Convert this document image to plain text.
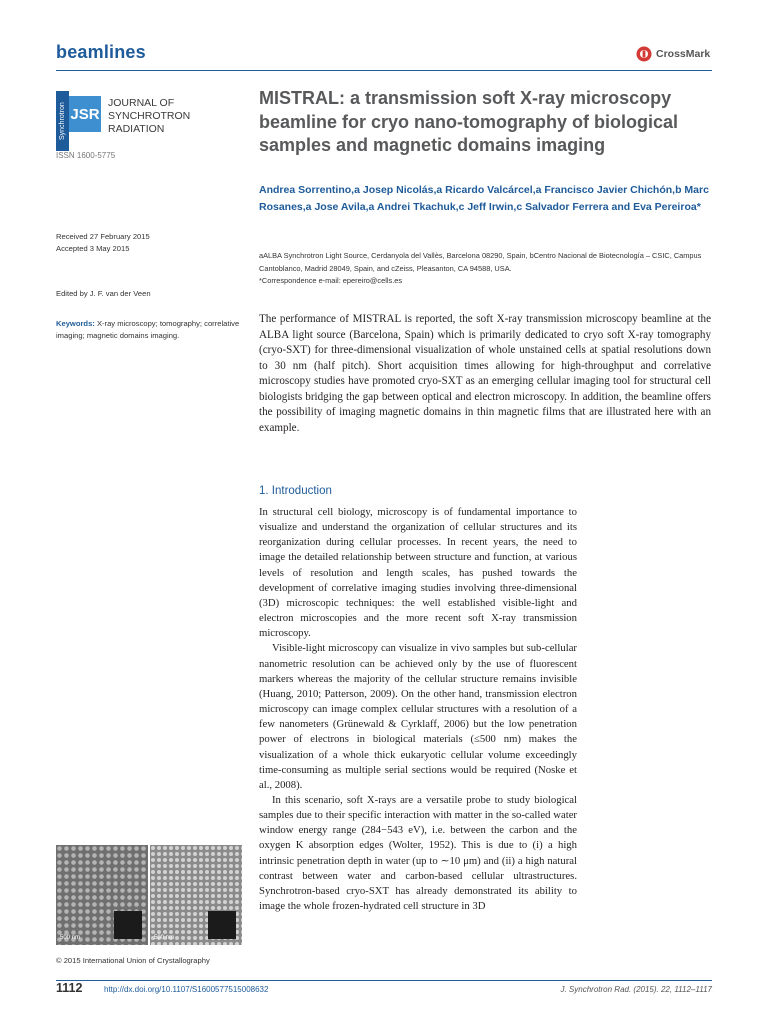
beamlines	CrossMark
Synchrotron JSR
JOURNAL OF
SYNCHROTRON
RADIATION
ISSN 1600-5775
MISTRAL: a transmission soft X-ray microscopy beamline for cryo nano-tomography of biological samples and magnetic domains imaging
Andrea Sorrentino,a Josep Nicolás,a Ricardo Valcárcel,a Francisco Javier Chichón,b Marc Rosanes,a Jose Avila,a Andrei Tkachuk,c Jeff Irwin,c Salvador Ferrera and Eva Pereiroa*
aALBA Synchrotron Light Source, Cerdanyola del Vallès, Barcelona 08290, Spain, bCentro Nacional de Biotecnología – CSIC, Campus Cantoblanco, Madrid 28049, Spain, and cZeiss, Pleasanton, CA 94588, USA.
*Correspondence e-mail: epereiro@cells.es
Received 27 February 2015
Accepted 3 May 2015
Edited by J. F. van der Veen
Keywords: X-ray microscopy; tomography; correlative imaging; magnetic domains imaging.
The performance of MISTRAL is reported, the soft X-ray transmission microscopy beamline at the ALBA light source (Barcelona, Spain) which is primarily dedicated to cryo soft X-ray tomography (cryo-SXT) for three-dimensional visualization of whole unstained cells at spatial resolutions down to 30 nm (half pitch). Short acquisition times allowing for high-throughput and correlative microscopy studies have promoted cryo-SXT as an emerging cellular imaging tool for structural cell biologists bridging the gap between optical and electron microscopy. In addition, the beamline offers the possibility of imaging magnetic domains in thin magnetic films that are illustrated here with an example.
1. Introduction

In structural cell biology, microscopy is of fundamental importance to visualize and understand the organization of cellular structures and its reorganization during cellular processes. In recent years, the need to image the detailed relationship between structure and function, at various levels of resolution and length scales, has pushed towards the development of correlative imaging studies involving three-dimensional (3D) microscopic techniques: the well established visible-light and electron microscopies and the more recent soft X-ray transmission microscopy.

Visible-light microscopy can visualize in vivo samples but sub-cellular nanometric resolution can be achieved only by the use of fluorescent markers whereas the majority of the cellular structure remains invisible (Huang, 2010; Patterson, 2009). On the other hand, transmission electron microscopy can image complex cellular structures with a resolution of a few nanometers (Grünewald & Cyrklaff, 2006) but the low penetration power of electrons in biological materials (≤500 nm) makes the visualization of a whole thick eukaryotic cellular volume exceedingly time-consuming as multiple serial sections would be required (Noske et al., 2008).

In this scenario, soft X-rays are a versatile probe to study biological samples due to their specific interaction with matter in the so-called water window energy range (284−543 eV), i.e. between the carbon and the oxygen K absorption edges (Wolter, 1952). This is due to (i) a high intrinsic penetration depth in water (up to ∼10 μm) and (ii) a high natural contrast between water and carbon-based cellular ultrastructures. Synchrotron-based cryo-SXT has already demonstrated its ability to image the whole frozen-hydrated cell structure in 3D

500 nm	500 nm
© 2015 International Union of Crystallography
1112	http://dx.doi.org/10.1107/S1600577515008632	J. Synchrotron Rad. (2015). 22, 1112–1117
